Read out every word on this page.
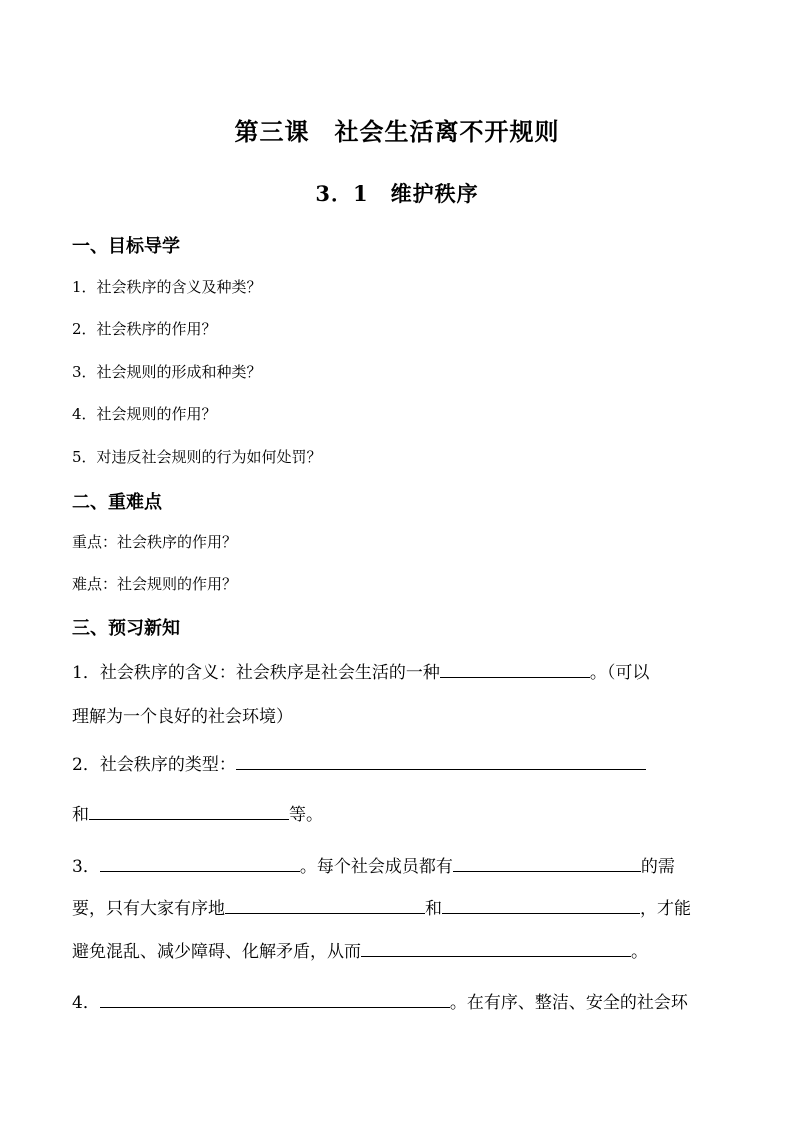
第三课　社会生活离不开规则
3．1　维护秩序
一、目标导学
1．社会秩序的含义及种类？
2．社会秩序的作用？
3．社会规则的形成和种类？
4．社会规则的作用？
5．对违反社会规则的行为如何处罚？
二、重难点
重点：社会秩序的作用？
难点：社会规则的作用？
三、预习新知
1．社会秩序的含义：社会秩序是社会生活的一种	。（可以
理解为一个良好的社会环境）
2．社会秩序的类型：
和	等。
3．	。每个社会成员都有	的需
要，只有大家有序地	和	，才能
避免混乱、减少障碍、化解矛盾，从而	。
4．	。在有序、整洁、安全的社会环
